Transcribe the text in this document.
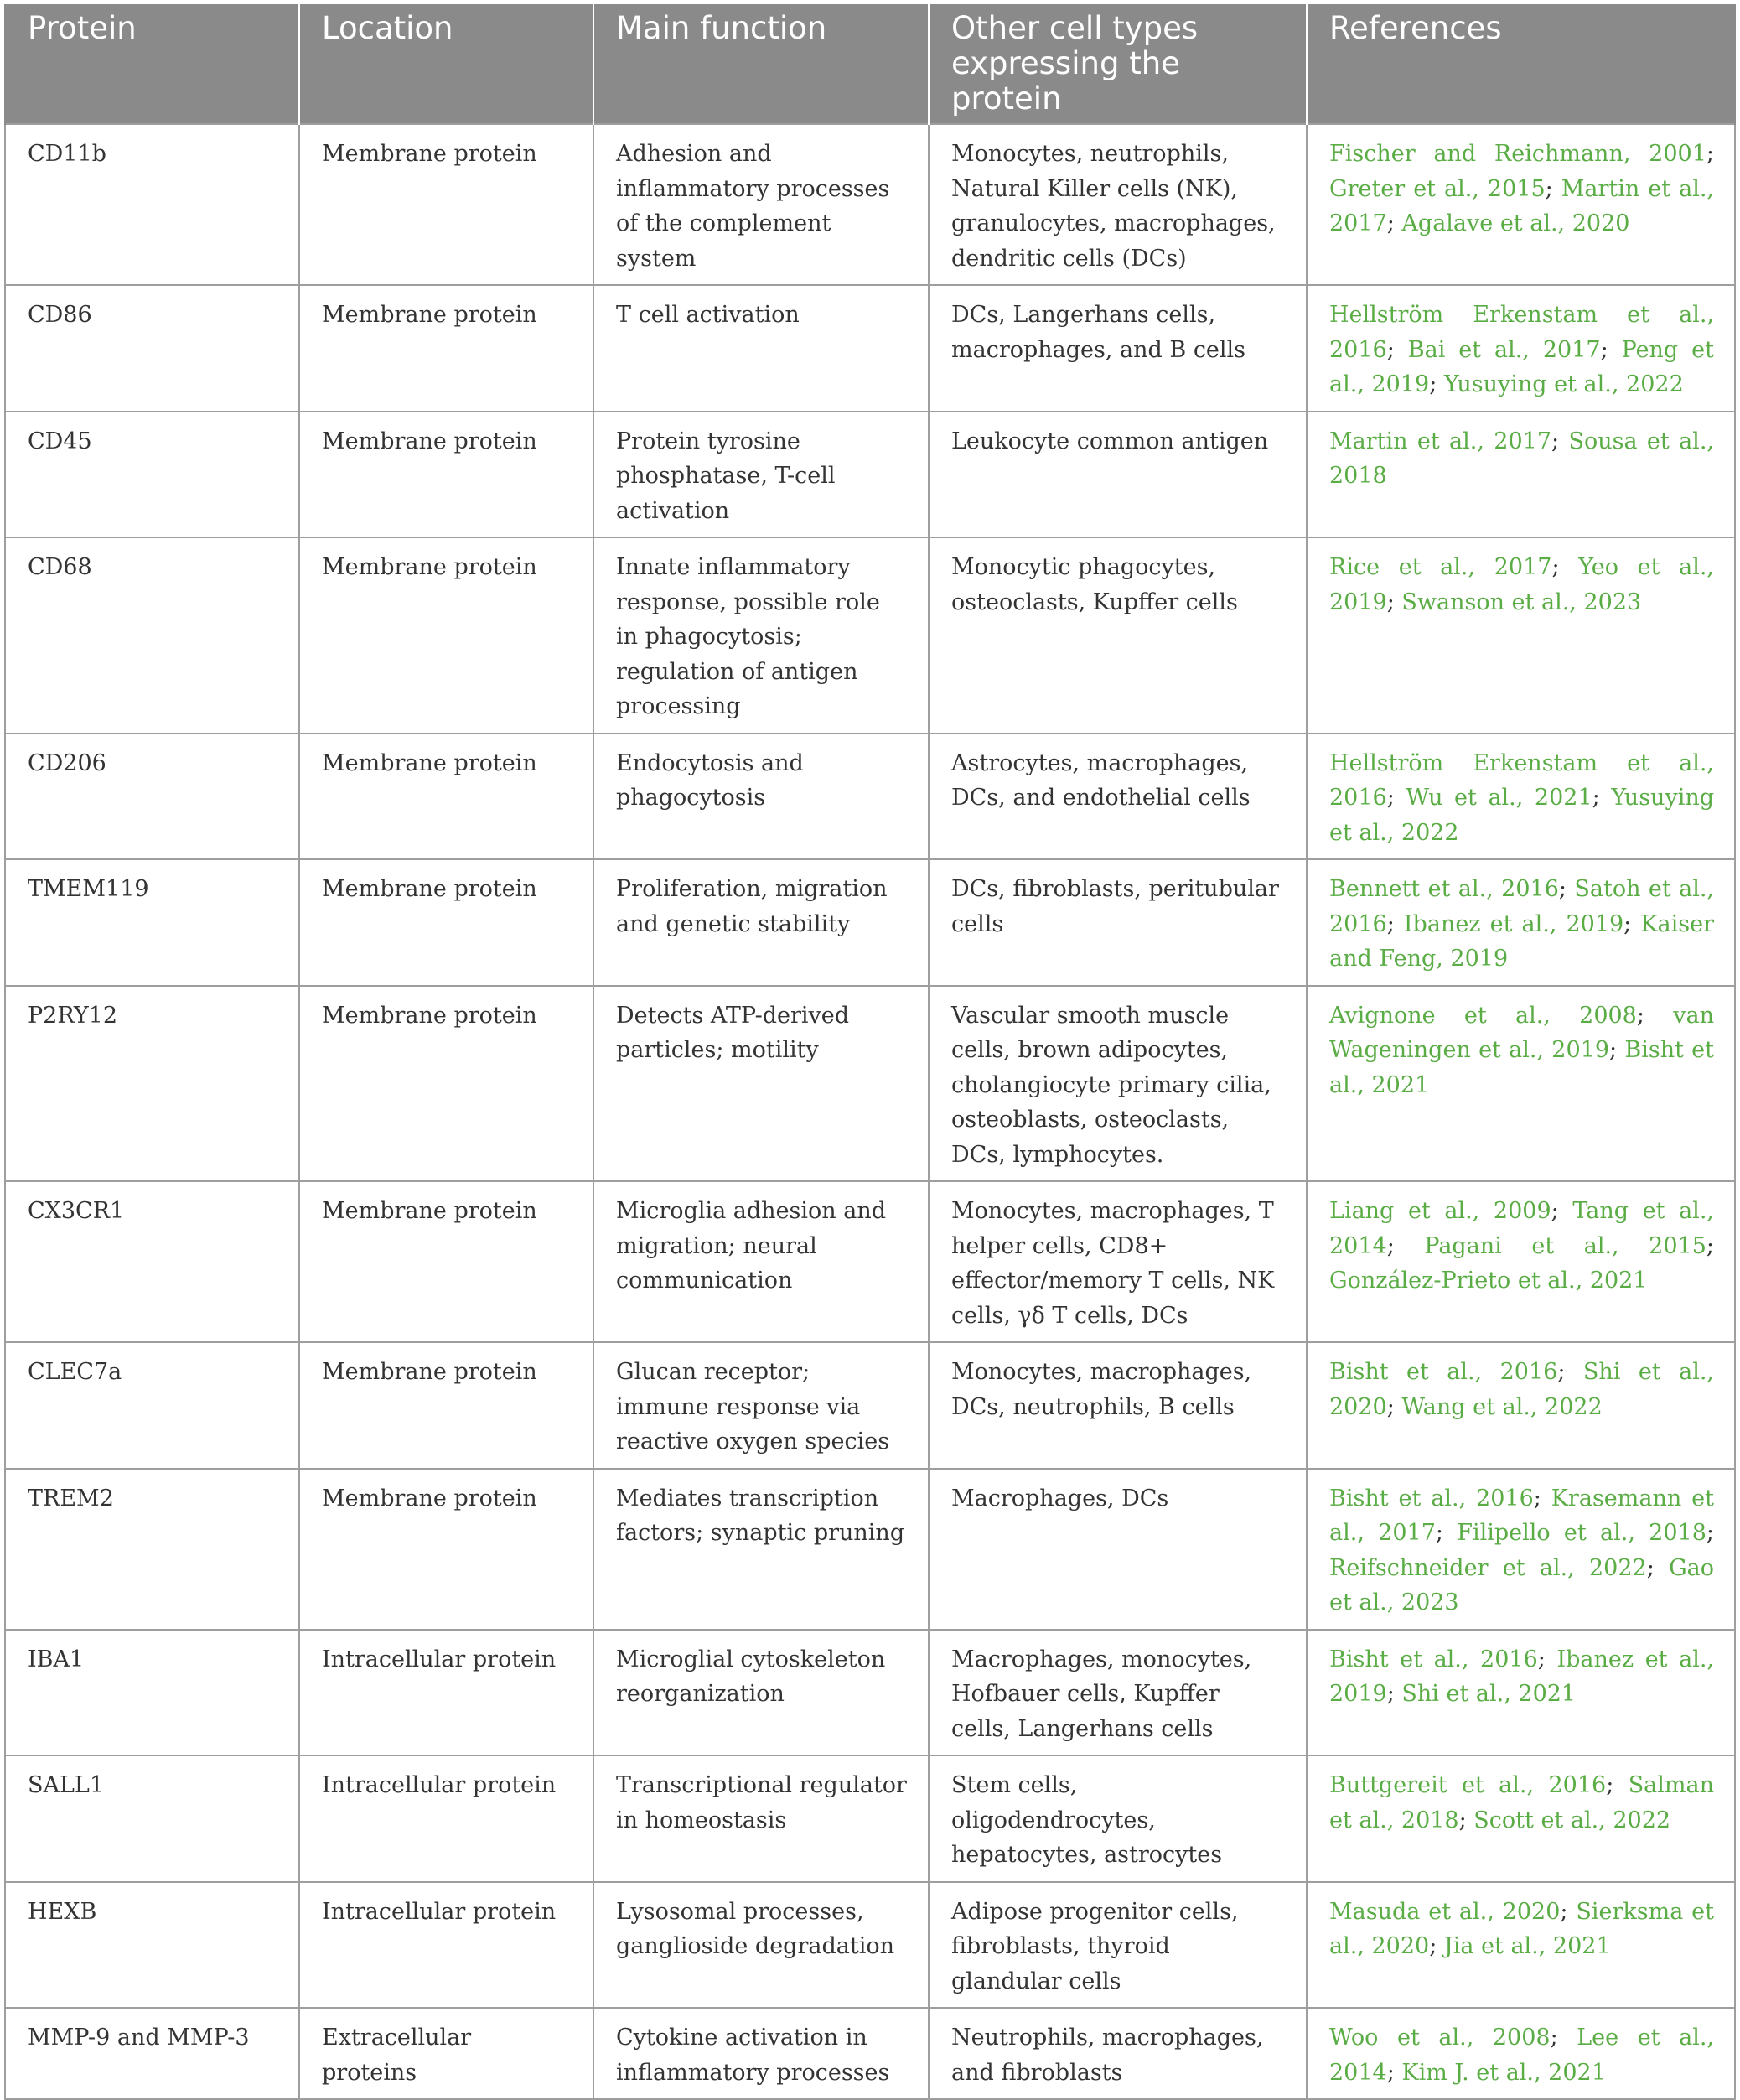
Protein	Location	Main function	Other cell types expressing the protein	References
CD11b	Membrane protein	Adhesion and inflammatory processes of the complement system	Monocytes, neutrophils, Natural Killer cells (NK), granulocytes, macrophages, dendritic cells (DCs)	Fischer and Reichmann, 2001; Greter et al., 2015; Martin et al., 2017; Agalave et al., 2020
CD86	Membrane protein	T cell activation	DCs, Langerhans cells, macrophages, and B cells	Hellström Erkenstam et al., 2016; Bai et al., 2017; Peng et al., 2019; Yusuying et al., 2022
CD45	Membrane protein	Protein tyrosine phosphatase, T-cell activation	Leukocyte common antigen	Martin et al., 2017; Sousa et al., 2018
CD68	Membrane protein	Innate inflammatory response, possible role in phagocytosis; regulation of antigen processing	Monocytic phagocytes, osteoclasts, Kupffer cells	Rice et al., 2017; Yeo et al., 2019; Swanson et al., 2023
CD206	Membrane protein	Endocytosis and phagocytosis	Astrocytes, macrophages, DCs, and endothelial cells	Hellström Erkenstam et al., 2016; Wu et al., 2021; Yusuying et al., 2022
TMEM119	Membrane protein	Proliferation, migration and genetic stability	DCs, fibroblasts, peritubular cells	Bennett et al., 2016; Satoh et al., 2016; Ibanez et al., 2019; Kaiser and Feng, 2019
P2RY12	Membrane protein	Detects ATP-derived particles; motility	Vascular smooth muscle cells, brown adipocytes, cholangiocyte primary cilia, osteoblasts, osteoclasts, DCs, lymphocytes.	Avignone et al., 2008; van Wageningen et al., 2019; Bisht et al., 2021
CX3CR1	Membrane protein	Microglia adhesion and migration; neural communication	Monocytes, macrophages, T helper cells, CD8+ effector/memory T cells, NK cells, γδ T cells, DCs	Liang et al., 2009; Tang et al., 2014; Pagani et al., 2015; González-Prieto et al., 2021
CLEC7a	Membrane protein	Glucan receptor; immune response via reactive oxygen species	Monocytes, macrophages, DCs, neutrophils, B cells	Bisht et al., 2016; Shi et al., 2020; Wang et al., 2022
TREM2	Membrane protein	Mediates transcription factors; synaptic pruning	Macrophages, DCs	Bisht et al., 2016; Krasemann et al., 2017; Filipello et al., 2018; Reifschneider et al., 2022; Gao et al., 2023
IBA1	Intracellular protein	Microglial cytoskeleton reorganization	Macrophages, monocytes, Hofbauer cells, Kupffer cells, Langerhans cells	Bisht et al., 2016; Ibanez et al., 2019; Shi et al., 2021
SALL1	Intracellular protein	Transcriptional regulator in homeostasis	Stem cells, oligodendrocytes, hepatocytes, astrocytes	Buttgereit et al., 2016; Salman et al., 2018; Scott et al., 2022
HEXB	Intracellular protein	Lysosomal processes, ganglioside degradation	Adipose progenitor cells, fibroblasts, thyroid glandular cells	Masuda et al., 2020; Sierksma et al., 2020; Jia et al., 2021
MMP-9 and MMP-3	Extracellular proteins	Cytokine activation in inflammatory processes	Neutrophils, macrophages, and fibroblasts	Woo et al., 2008; Lee et al., 2014; Kim J. et al., 2021
